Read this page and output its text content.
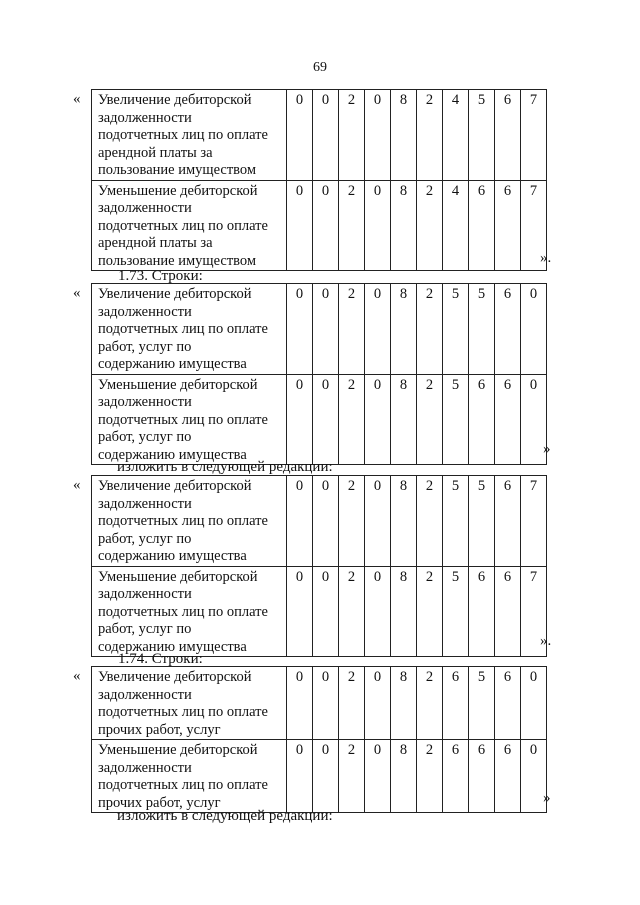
69
« Увеличение дебиторской
задолженности
подотчетных лиц по оплате
арендной платы за
пользование имуществом	0	0	2	0	8	2	4	5	6	7

Уменьшение дебиторской
задолженности
подотчетных лиц по оплате
арендной платы за
пользование имуществом	0	0	2	0	8	2	4	6	6	7
».
1.73. Строки:
« Увеличение дебиторской
задолженности
подотчетных лиц по оплате
работ, услуг по
содержанию имущества	0	0	2	0	8	2	5	5	6	0

Уменьшение дебиторской
задолженности
подотчетных лиц по оплате
работ, услуг по
содержанию имущества	0	0	2	0	8	2	5	6	6	0
»
изложить в следующей редакции:
« Увеличение дебиторской
задолженности
подотчетных лиц по оплате
работ, услуг по
содержанию имущества	0	0	2	0	8	2	5	5	6	7

Уменьшение дебиторской
задолженности
подотчетных лиц по оплате
работ, услуг по
содержанию имущества	0	0	2	0	8	2	5	6	6	7
».
1.74. Строки:
« Увеличение дебиторской
задолженности
подотчетных лиц по оплате
прочих работ, услуг	0	0	2	0	8	2	6	5	6	0

Уменьшение дебиторской
задолженности
подотчетных лиц по оплате
прочих работ, услуг	0	0	2	0	8	2	6	6	6	0
»
изложить в следующей редакции:
